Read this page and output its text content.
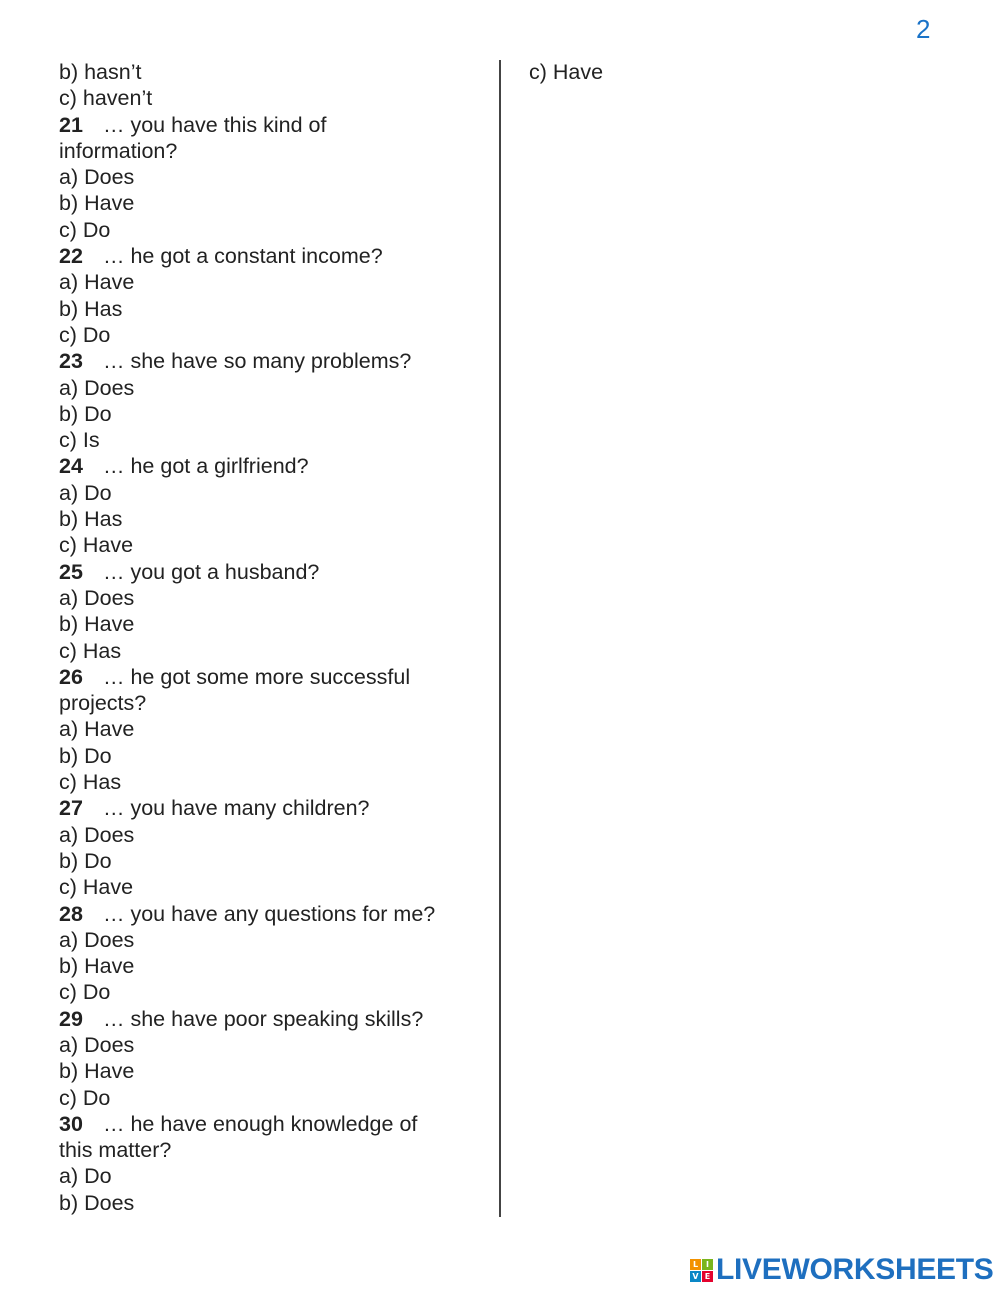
2
b) hasn’t
c) haven’t
21 … you have this kind of
information?
a) Does
b) Have
c) Do
22 … he got a constant income?
a) Have
b) Has
c) Do
23 … she have so many problems?
a) Does
b) Do
c) Is
24 … he got a girlfriend?
a) Do
b) Has
c) Have
25 … you got a husband?
a) Does
b) Have
c) Has
26 … he got some more successful
projects?
a) Have
b) Do
c) Has
27 … you have many children?
a) Does
b) Do
c) Have
28 … you have any questions for me?
a) Does
b) Have
c) Do
29 … she have poor speaking skills?
a) Does
b) Have
c) Do
30 … he have enough knowledge of
this matter?
a) Do
b) Does
c) Have
L I
V E LIVEWORKSHEETS
